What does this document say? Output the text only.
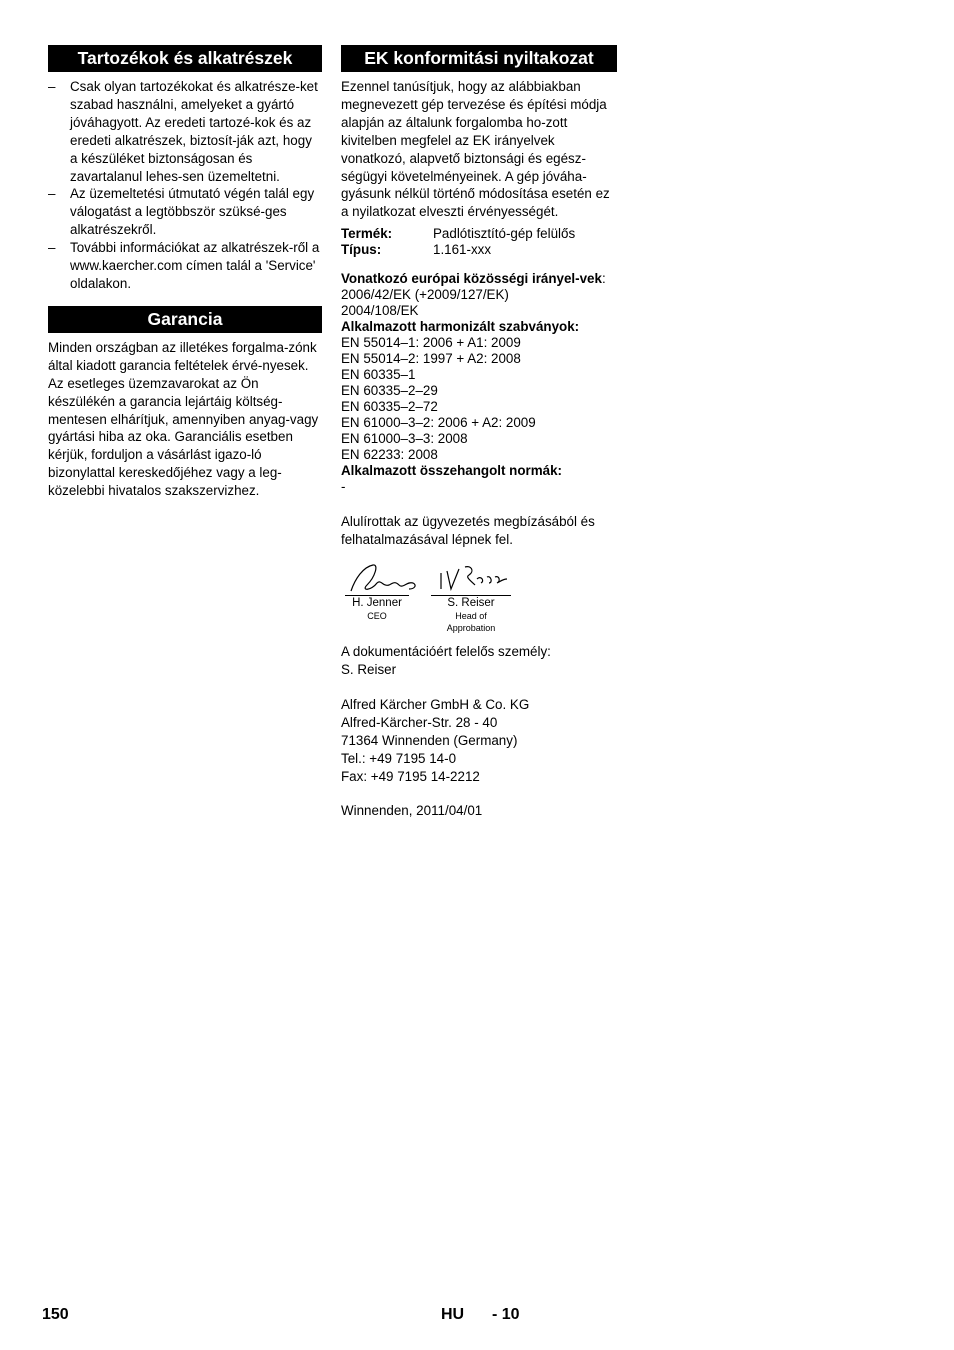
Tartozékok és alkatrészek
– Csak olyan tartozékokat és alkatrésze-ket szabad használni, amelyeket a gyártó jóváhagyott. Az eredeti tartozé-kok és az eredeti alkatrészek, biztosít-ják azt, hogy a készüléket biztonságosan és zavartalanul lehes-sen üzemeltetni.
– Az üzemeltetési útmutató végén talál egy válogatást a legtöbbször szüksé-ges alkatrészekről.
– További információkat az alkatrészek-ről a www.kaercher.com címen talál a 'Service' oldalakon.
Garancia

Minden országban az illetékes forgalma-zónk által kiadott garancia feltételek érvé-nyesek. Az esetleges üzemzavarokat az Ön készülékén a garancia lejártáig költség-mentesen elhárítjuk, amennyiben anyag-vagy gyártási hiba az oka. Garanciális esetben kérjük, forduljon a vásárlást igazo-ló bizonylattal kereskedőjéhez vagy a leg-közelebbi hivatalos szakszervizhez.

EK konformitási nyiltakozat

Ezennel tanúsítjuk, hogy az alábbiakban megnevezett gép tervezése és építési módja alapján az általunk forgalomba ho-zott kivitelben megfelel az EK irányelvek vonatkozó, alapvető biztonsági és egész-ségügyi követelményeinek. A gép jóváha-gyásunk nélkül történő módosítása esetén ez a nyilatkozat elveszti érvényességét.

Termék:	Padlótisztító-gép felülős
Típus:	1.161-xxx
Vonatkozó európai közösségi irányel-vek:
2006/42/EK (+2009/127/EK)
2004/108/EK
Alkalmazott harmonizált szabványok:
EN 55014–1: 2006 + A1: 2009
EN 55014–2: 1997 + A2: 2008
EN 60335–1
EN 60335–2–29
EN 60335–2–72
EN 61000–3–2: 2006 + A2: 2009
EN 61000–3–3: 2008
EN 62233: 2008
Alkalmazott összehangolt normák:
-

Alulírottak az ügyvezetés megbízásából és felhatalmazásával lépnek fel.

H. Jenner
CEO
S. Reiser
Head of Approbation
A dokumentációért felelős személy:
S. Reiser
Alfred Kärcher GmbH & Co. KG
Alfred-Kärcher-Str. 28 - 40
71364 Winnenden (Germany)
Tel.: +49 7195 14-0
Fax: +49 7195 14-2212
Winnenden, 2011/04/01
150	HU - 10
